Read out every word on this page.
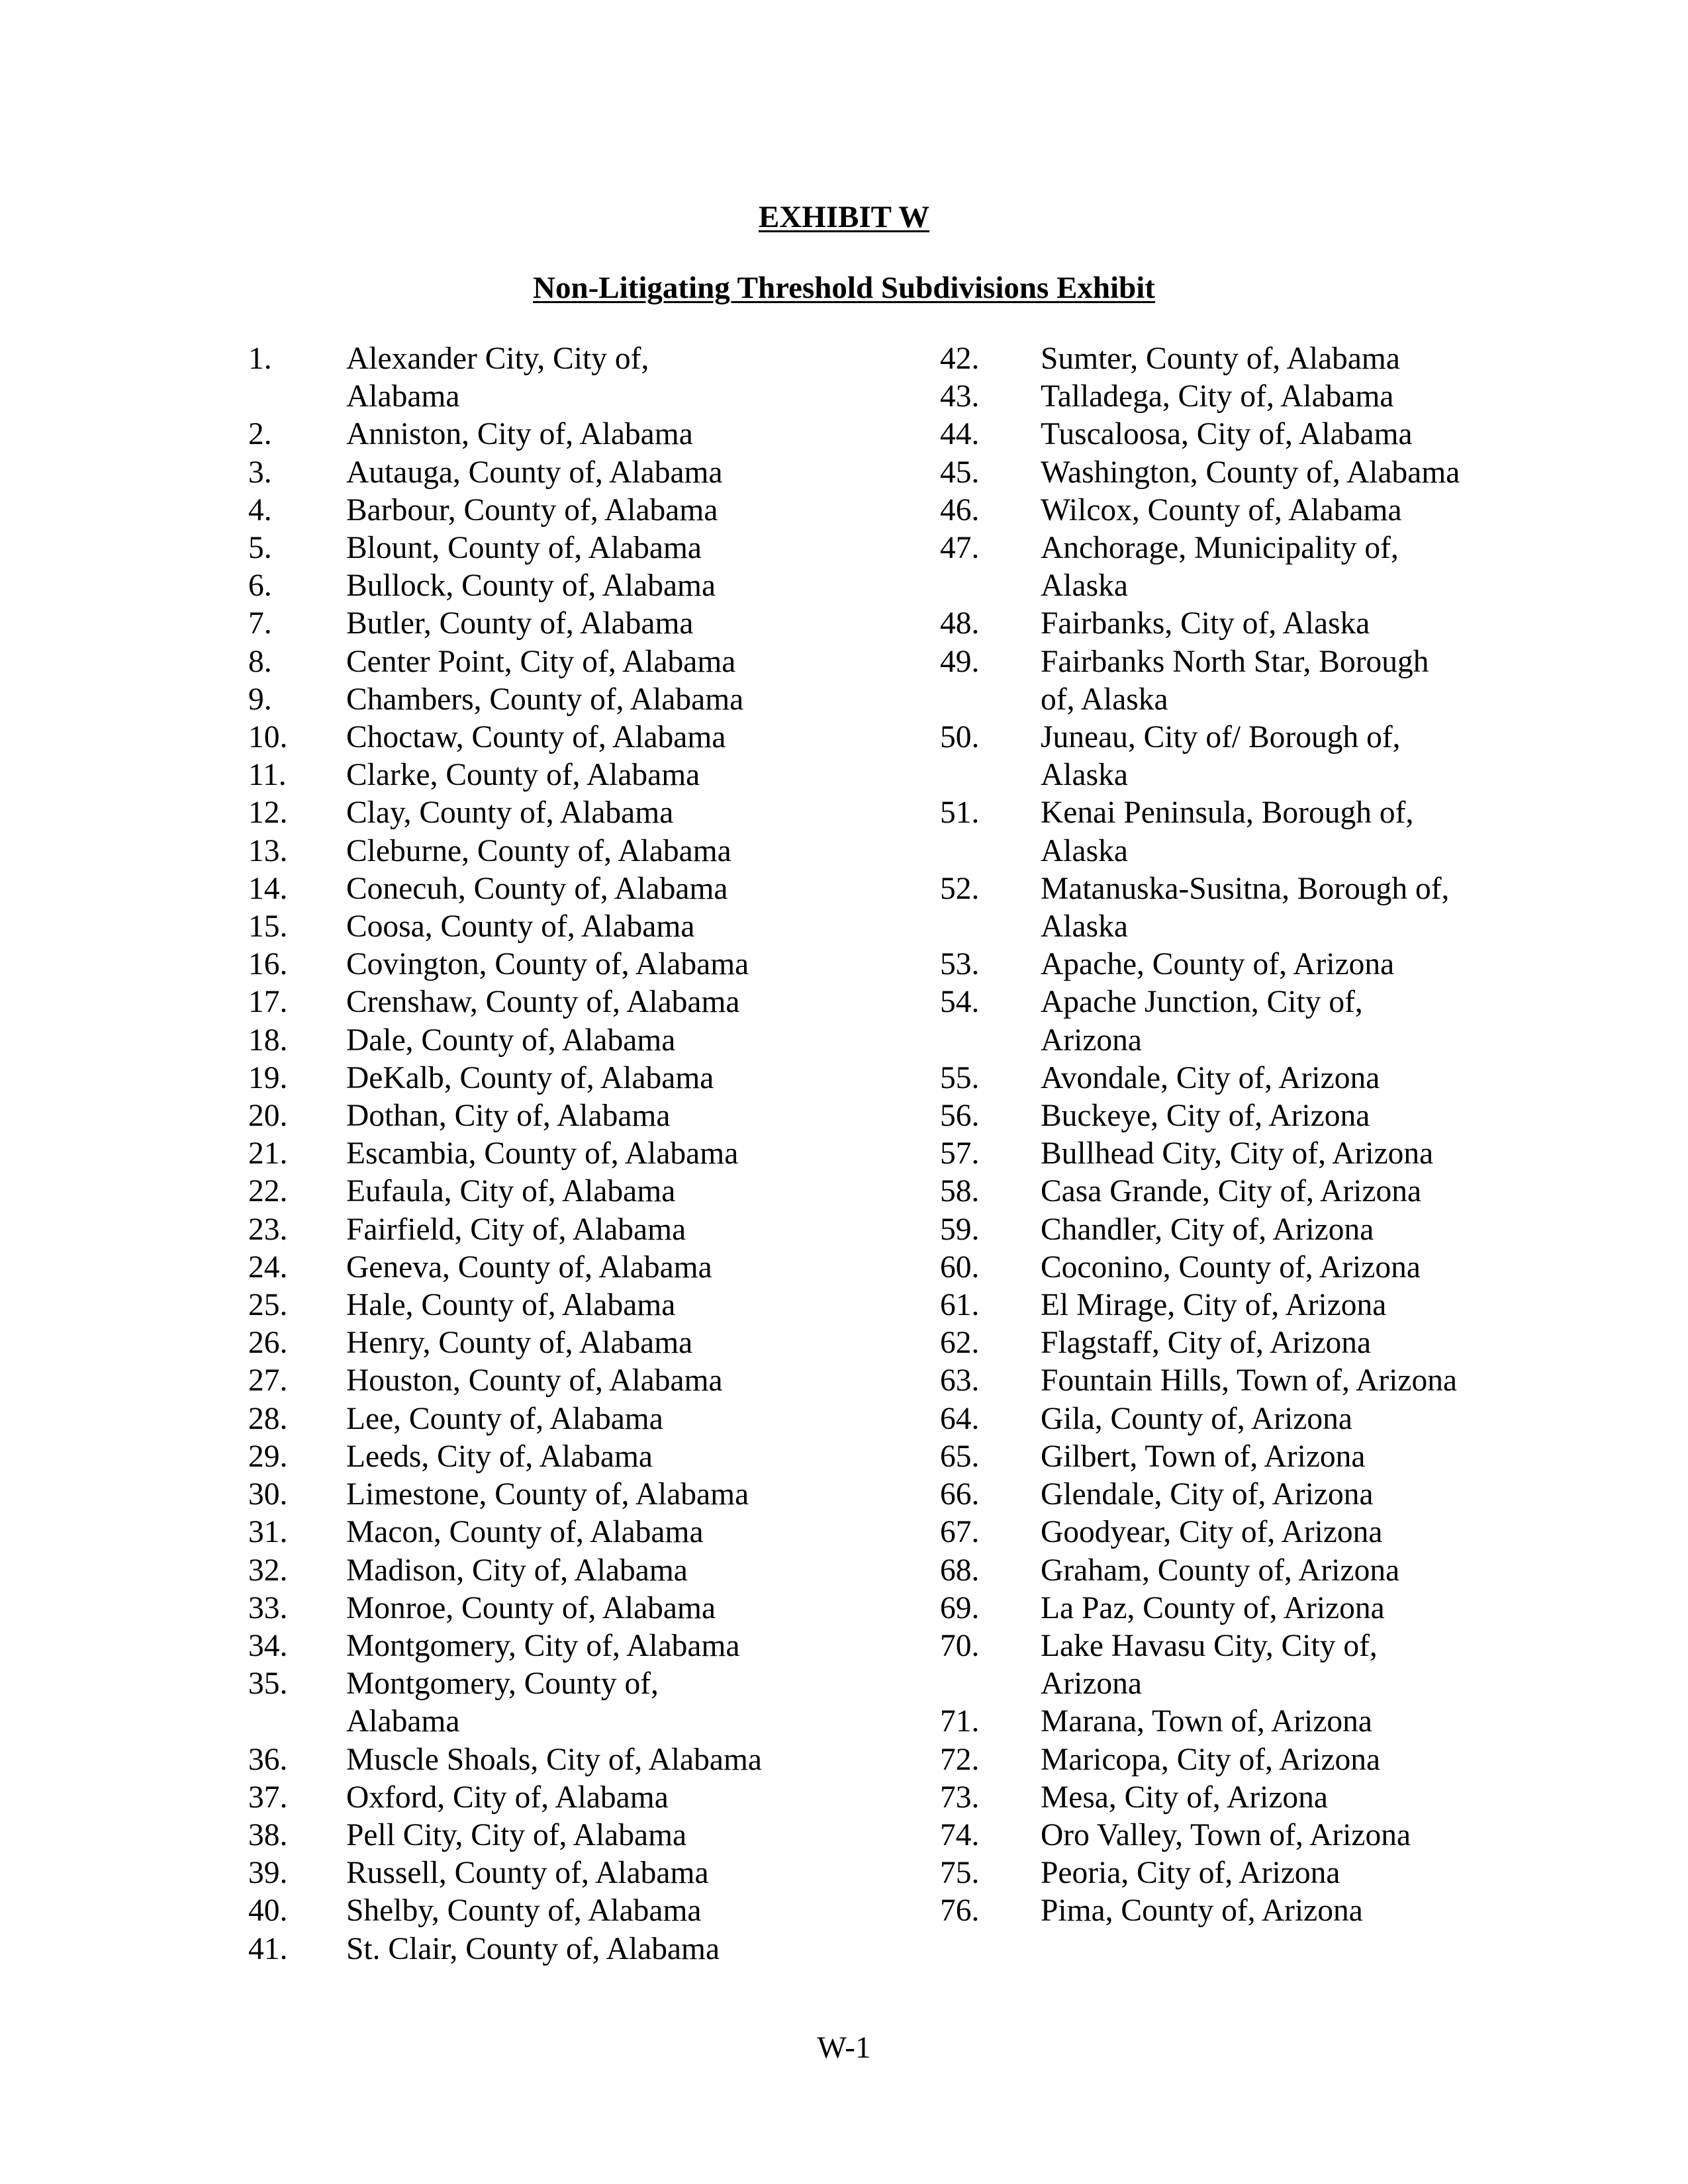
EXHIBIT W
Non-Litigating Threshold Subdivisions Exhibit
1.	Alexander City, City of,
Alabama
2.	Anniston, City of, Alabama
3.	Autauga, County of, Alabama
4.	Barbour, County of, Alabama
5.	Blount, County of, Alabama
6.	Bullock, County of, Alabama
7.	Butler, County of, Alabama
8.	Center Point, City of, Alabama
9.	Chambers, County of, Alabama
10.	Choctaw, County of, Alabama
11.	Clarke, County of, Alabama
12.	Clay, County of, Alabama
13.	Cleburne, County of, Alabama
14.	Conecuh, County of, Alabama
15.	Coosa, County of, Alabama
16.	Covington, County of, Alabama
17.	Crenshaw, County of, Alabama
18.	Dale, County of, Alabama
19.	DeKalb, County of, Alabama
20.	Dothan, City of, Alabama
21.	Escambia, County of, Alabama
22.	Eufaula, City of, Alabama
23.	Fairfield, City of, Alabama
24.	Geneva, County of, Alabama
25.	Hale, County of, Alabama
26.	Henry, County of, Alabama
27.	Houston, County of, Alabama
28.	Lee, County of, Alabama
29.	Leeds, City of, Alabama
30.	Limestone, County of, Alabama
31.	Macon, County of, Alabama
32.	Madison, City of, Alabama
33.	Monroe, County of, Alabama
34.	Montgomery, City of, Alabama
35.	Montgomery, County of,
Alabama
36.	Muscle Shoals, City of, Alabama
37.	Oxford, City of, Alabama
38.	Pell City, City of, Alabama
39.	Russell, County of, Alabama
40.	Shelby, County of, Alabama
41.	St. Clair, County of, Alabama
42.	Sumter, County of, Alabama
43.	Talladega, City of, Alabama
44.	Tuscaloosa, City of, Alabama
45.	Washington, County of, Alabama
46.	Wilcox, County of, Alabama
47.	Anchorage, Municipality of,
Alaska
48.	Fairbanks, City of, Alaska
49.	Fairbanks North Star, Borough
of, Alaska
50.	Juneau, City of/ Borough of,
Alaska
51.	Kenai Peninsula, Borough of,
Alaska
52.	Matanuska-Susitna, Borough of,
Alaska
53.	Apache, County of, Arizona
54.	Apache Junction, City of,
Arizona
55.	Avondale, City of, Arizona
56.	Buckeye, City of, Arizona
57.	Bullhead City, City of, Arizona
58.	Casa Grande, City of, Arizona
59.	Chandler, City of, Arizona
60.	Coconino, County of, Arizona
61.	El Mirage, City of, Arizona
62.	Flagstaff, City of, Arizona
63.	Fountain Hills, Town of, Arizona
64.	Gila, County of, Arizona
65.	Gilbert, Town of, Arizona
66.	Glendale, City of, Arizona
67.	Goodyear, City of, Arizona
68.	Graham, County of, Arizona
69.	La Paz, County of, Arizona
70.	Lake Havasu City, City of,
Arizona
71.	Marana, Town of, Arizona
72.	Maricopa, City of, Arizona
73.	Mesa, City of, Arizona
74.	Oro Valley, Town of, Arizona
75.	Peoria, City of, Arizona
76.	Pima, County of, Arizona
W-1
